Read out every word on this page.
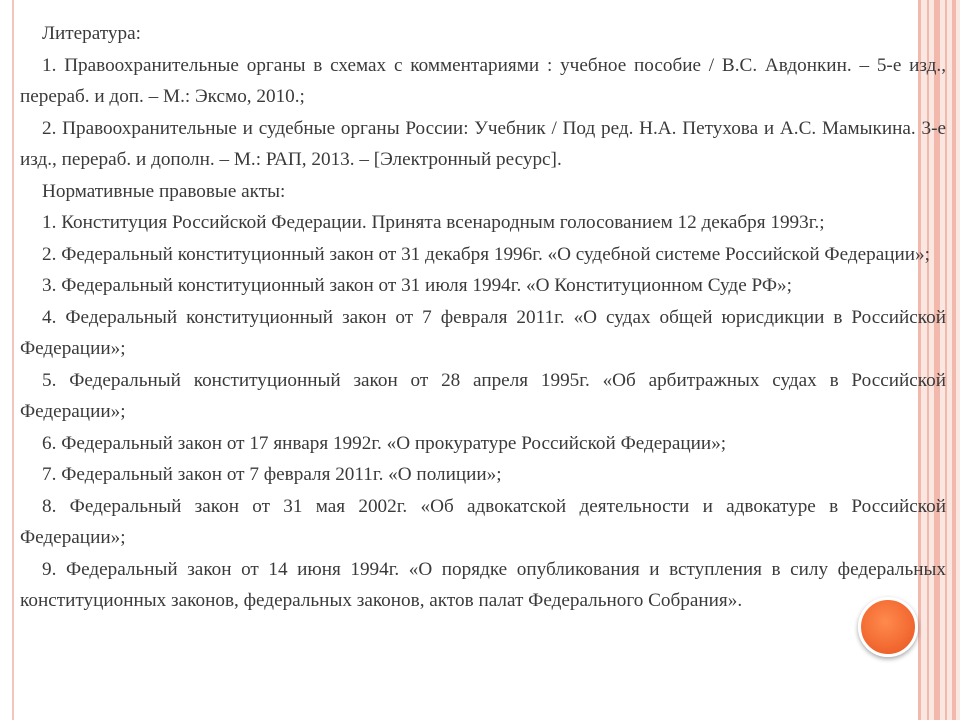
Литература:

1. Правоохранительные органы в схемах с комментариями : учебное пособие / В.С. Авдонкин. – 5-е изд., перераб. и доп. – М.: Эксмо, 2010.;

2. Правоохранительные и судебные органы России: Учебник / Под ред. Н.А. Петухова и А.С. Мамыкина. 3-е изд., перераб. и дополн. – М.: РАП, 2013. – [Электронный ресурс].

Нормативные правовые акты:

1. Конституция Российской Федерации. Принята всенародным голосованием 12 декабря 1993г.;

2. Федеральный конституционный закон от 31 декабря 1996г. «О судебной системе Российской Федерации»;

3. Федеральный конституционный закон от 31 июля 1994г. «О Конституционном Суде РФ»;

4. Федеральный конституционный закон от 7 февраля 2011г. «О судах общей юрисдикции в Российской Федерации»;

5. Федеральный конституционный закон от 28 апреля 1995г. «Об арбитражных судах в Российской Федерации»;

6. Федеральный закон от 17 января 1992г. «О прокуратуре Российской Федерации»;

7. Федеральный закон от 7 февраля 2011г. «О полиции»;

8. Федеральный закон от 31 мая 2002г. «Об адвокатской деятельности и адвокатуре в Российской Федерации»;

9. Федеральный закон от 14 июня 1994г. «О порядке опубликования и вступления в силу федеральных конституционных законов, федеральных законов, актов палат Федерального Собрания».
